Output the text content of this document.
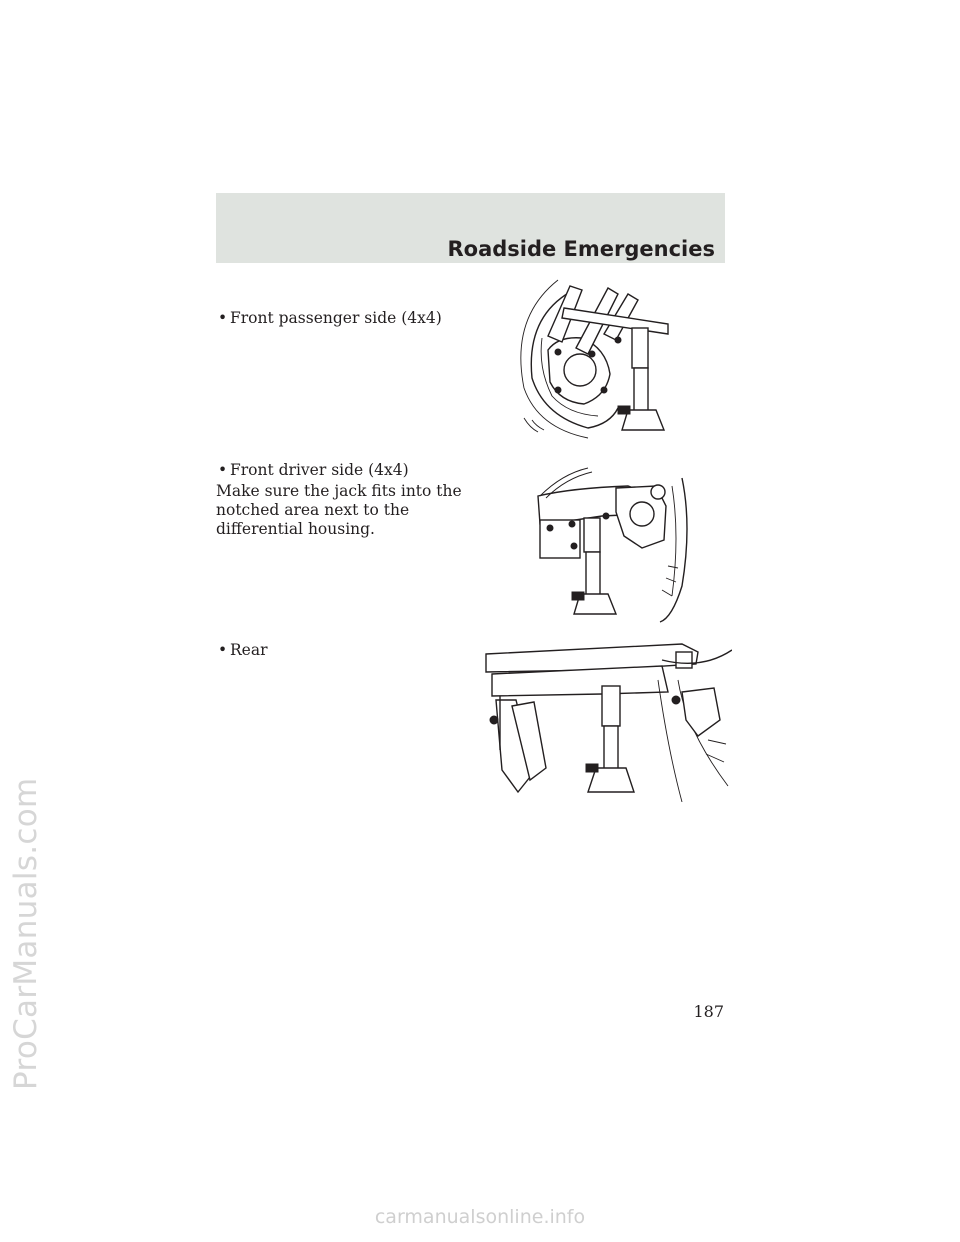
ProCarManuals.com
Roadside Emergencies
• Front passenger side (4x4)
• Front driver side (4x4)
Make sure the jack fits into the notched area next to the differential housing.
• Rear
187
carmanualsonline.info
